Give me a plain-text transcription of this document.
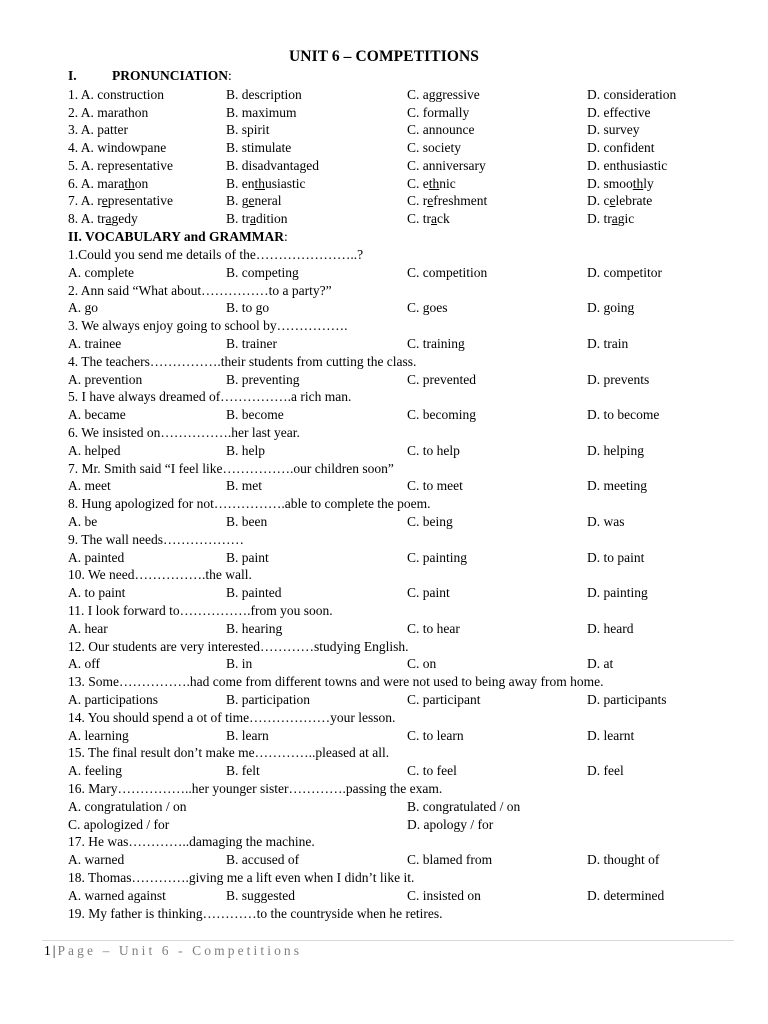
UNIT 6 – COMPETITIONS
I.	PRONUNCIATION:
1. A. construction	B. description	C. aggressive	D. consideration
2. A. marathon	B. maximum	C. formally	D. effective
3. A. patter	B. spirit	C. announce	D. survey
4. A. windowpane	B. stimulate	C. society	D. confident
5. A. representative	B. disadvantaged	C. anniversary	D. enthusiastic
6. A. marathon	B. enthusiastic	C. ethnic	D. smoothly
7. A. representative	B. general	C. refreshment	D. celebrate
8. A. tragedy	B. tradition	C. track	D. tragic
II. VOCABULARY and GRAMMAR:
1.Could you send me details of the…………………..?
A. complete	B. competing	C. competition	D. competitor
2. Ann said “What about……………to a party?”
A. go	B. to go	C. goes	D. going
3. We always enjoy going to school by…………….
A. trainee	B. trainer	C. training	D. train
4. The teachers…………….their students from cutting the class.
A. prevention	B. preventing	C. prevented	D. prevents
5. I have always dreamed of…………….a rich man.
A. became	B. become	C. becoming	D. to become
6. We insisted on…………….her last year.
A. helped	B. help	C. to help	D. helping
7. Mr. Smith said “I feel like…………….our children soon”
A. meet	B. met	C. to meet	D. meeting
8. Hung apologized for not…………….able to complete the poem.
A. be	B. been	C. being	D. was
9. The wall needs………………
A. painted	B. paint	C. painting	D. to paint
10. We need…………….the wall.
A. to paint	B. painted	C. paint	D. painting
11. I look forward to…………….from you soon.
A. hear	B. hearing	C. to hear	D. heard
12. Our students are very interested…………studying English.
A. off	B. in	C. on	D. at
13. Some…………….had come from different towns and were not used to being away from home.
A. participations	B. participation	C. participant	D. participants
14. You should spend a ot of time………………your lesson.
A. learning	B. learn	C. to learn	D. learnt
15. The final result don’t make me…………..pleased at all.
A. feeling	B. felt	C. to feel	D. feel
16. Mary……………..her younger sister………….passing the exam.
A. congratulation / on	B. congratulated / on
C. apologized / for	D. apology / for
17. He was…………..damaging the machine.
A. warned	B. accused of	C. blamed from	D. thought of
18. Thomas………….giving me a lift even when I didn’t like it.
A. warned against	B. suggested	C. insisted on	D. determined
19. My father is thinking…………to the countryside when he retires.
1 | Page – Unit 6 - Competitions
